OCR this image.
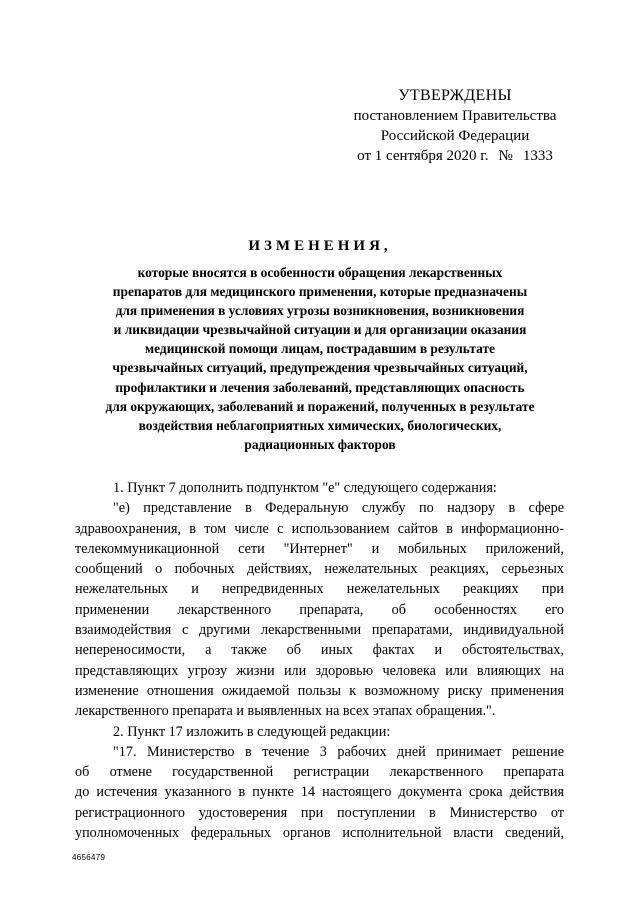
УТВЕРЖДЕНЫ
постановлением Правительства
Российской Федерации
от 1 сентября 2020 г. № 1333
ИЗМЕНЕНИЯ,
которые вносятся в особенности обращения лекарственных
препаратов для медицинского применения, которые предназначены
для применения в условиях угрозы возникновения, возникновения
и ликвидации чрезвычайной ситуации и для организации оказания
медицинской помощи лицам, пострадавшим в результате
чрезвычайных ситуаций, предупреждения чрезвычайных ситуаций,
профилактики и лечения заболеваний, представляющих опасность
для окружающих, заболеваний и поражений, полученных в результате
воздействия неблагоприятных химических, биологических,
радиационных факторов
1. Пункт 7 дополнить подпунктом "е" следующего содержания:
"е) представление в Федеральную службу по надзору в сфере
здравоохранения, в том числе с использованием сайтов в информационно-
телекоммуникационной сети "Интернет" и мобильных приложений,
сообщений о побочных действиях, нежелательных реакциях, серьезных
нежелательных и непредвиденных нежелательных реакциях при
применении лекарственного препарата, об особенностях его
взаимодействия с другими лекарственными препаратами, индивидуальной
непереносимости, а также об иных фактах и обстоятельствах,
представляющих угрозу жизни или здоровью человека или влияющих на
изменение отношения ожидаемой пользы к возможному риску применения
лекарственного препарата и выявленных на всех этапах обращения.".
2. Пункт 17 изложить в следующей редакции:
"17. Министерство в течение 3 рабочих дней принимает решение
об отмене государственной регистрации лекарственного препарата
до истечения указанного в пункте 14 настоящего документа срока действия
регистрационного удостоверения при поступлении в Министерство от
уполномоченных федеральных органов исполнительной власти сведений,
4656479
